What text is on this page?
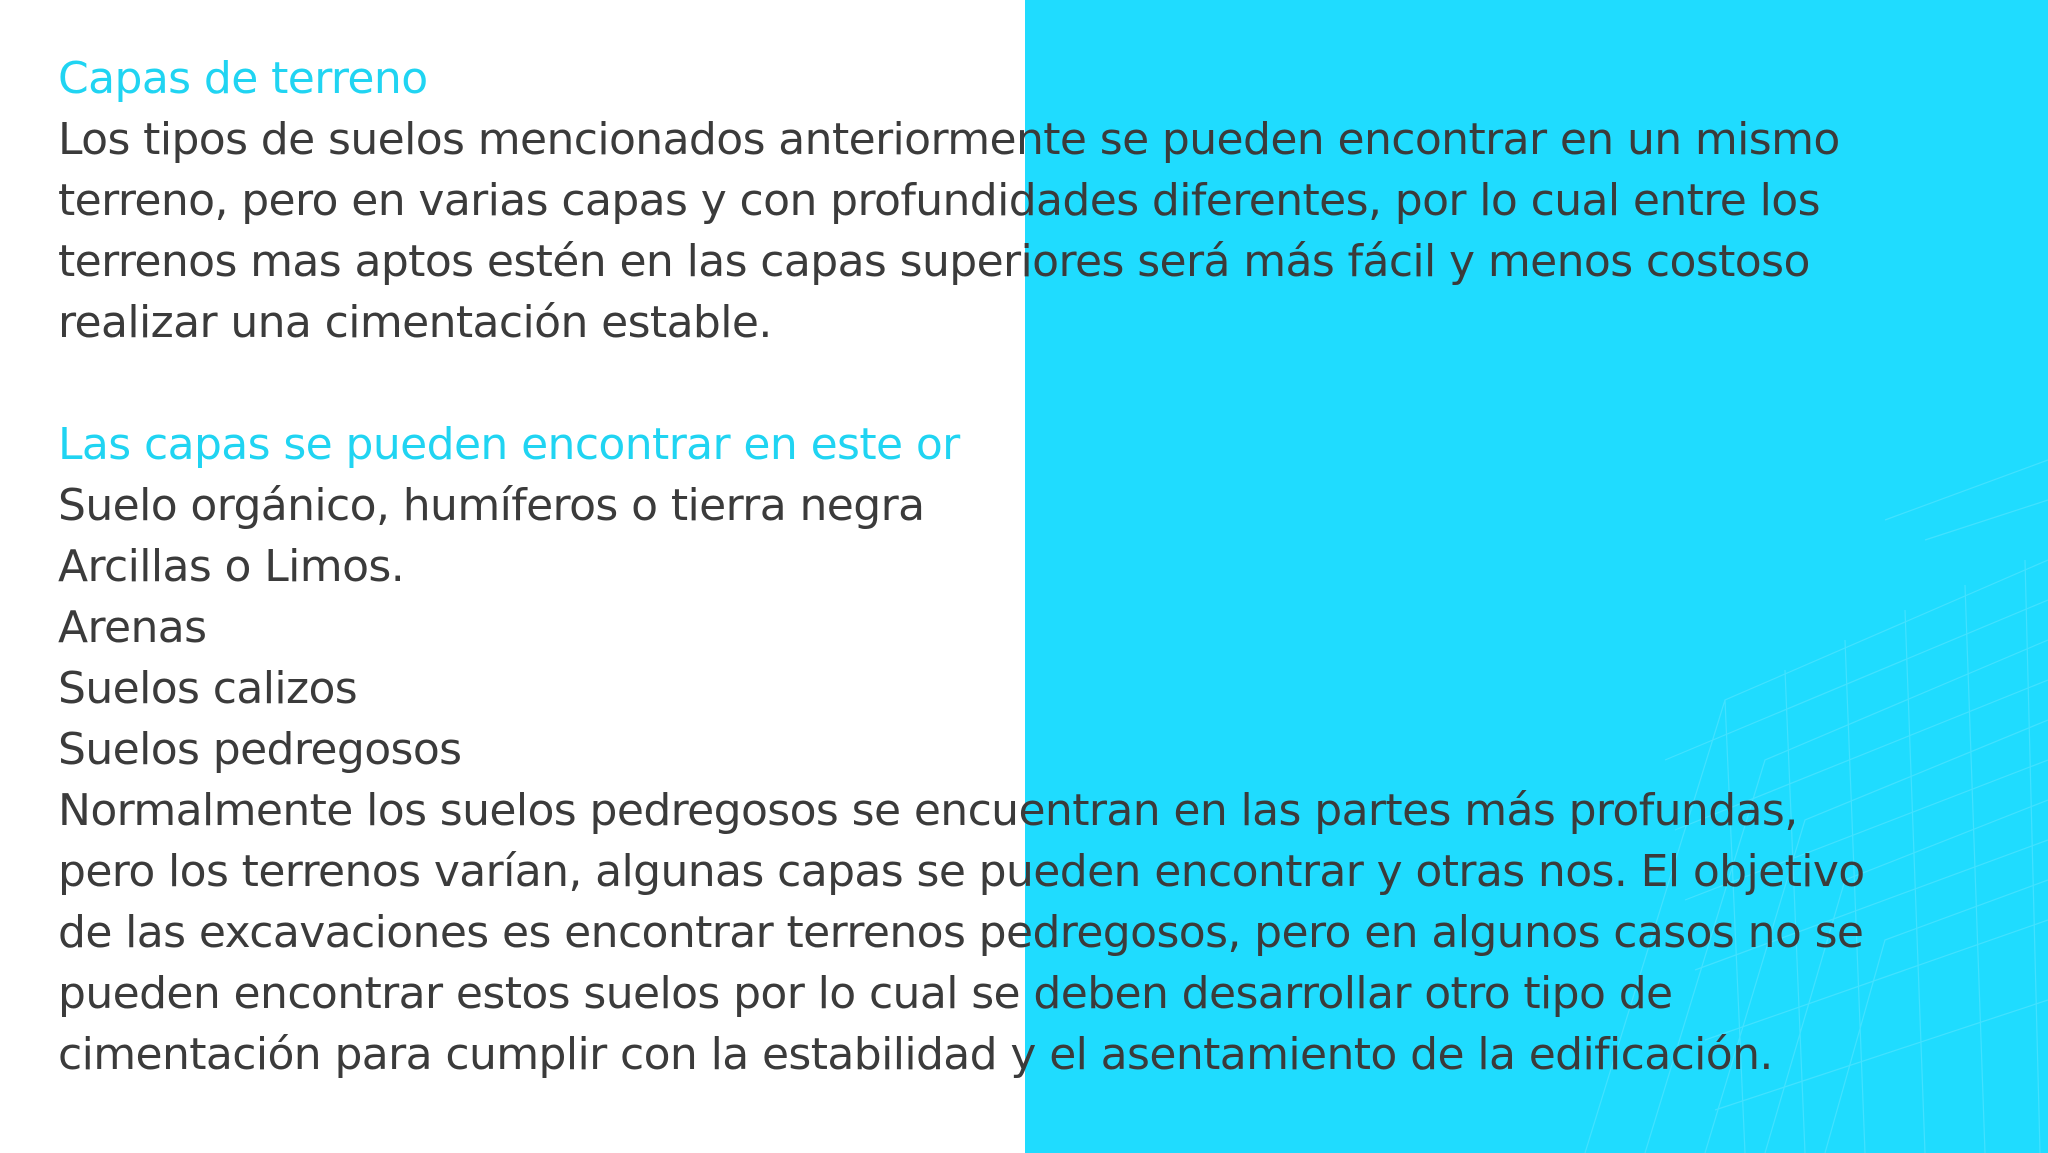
Capas de terreno

Los tipos de suelos mencionados anteriormente se pueden encontrar en un mismo

terreno, pero en varias capas y con profundidades diferentes, por lo cual entre los

terrenos mas aptos estén en las capas superiores será más fácil y menos costoso

realizar una cimentación estable.

Las capas se pueden encontrar en este or

Suelo orgánico, humíferos o tierra negra

Arcillas o Limos.

Arenas

Suelos calizos

Suelos pedregosos

Normalmente los suelos pedregosos se encuentran en las partes más profundas,

pero los terrenos varían, algunas capas se pueden encontrar y otras nos. El objetivo

de las excavaciones es encontrar terrenos pedregosos, pero en algunos casos no se

pueden encontrar estos suelos por lo cual se deben desarrollar otro tipo de

cimentación para cumplir con la estabilidad y el asentamiento de la edificación.
